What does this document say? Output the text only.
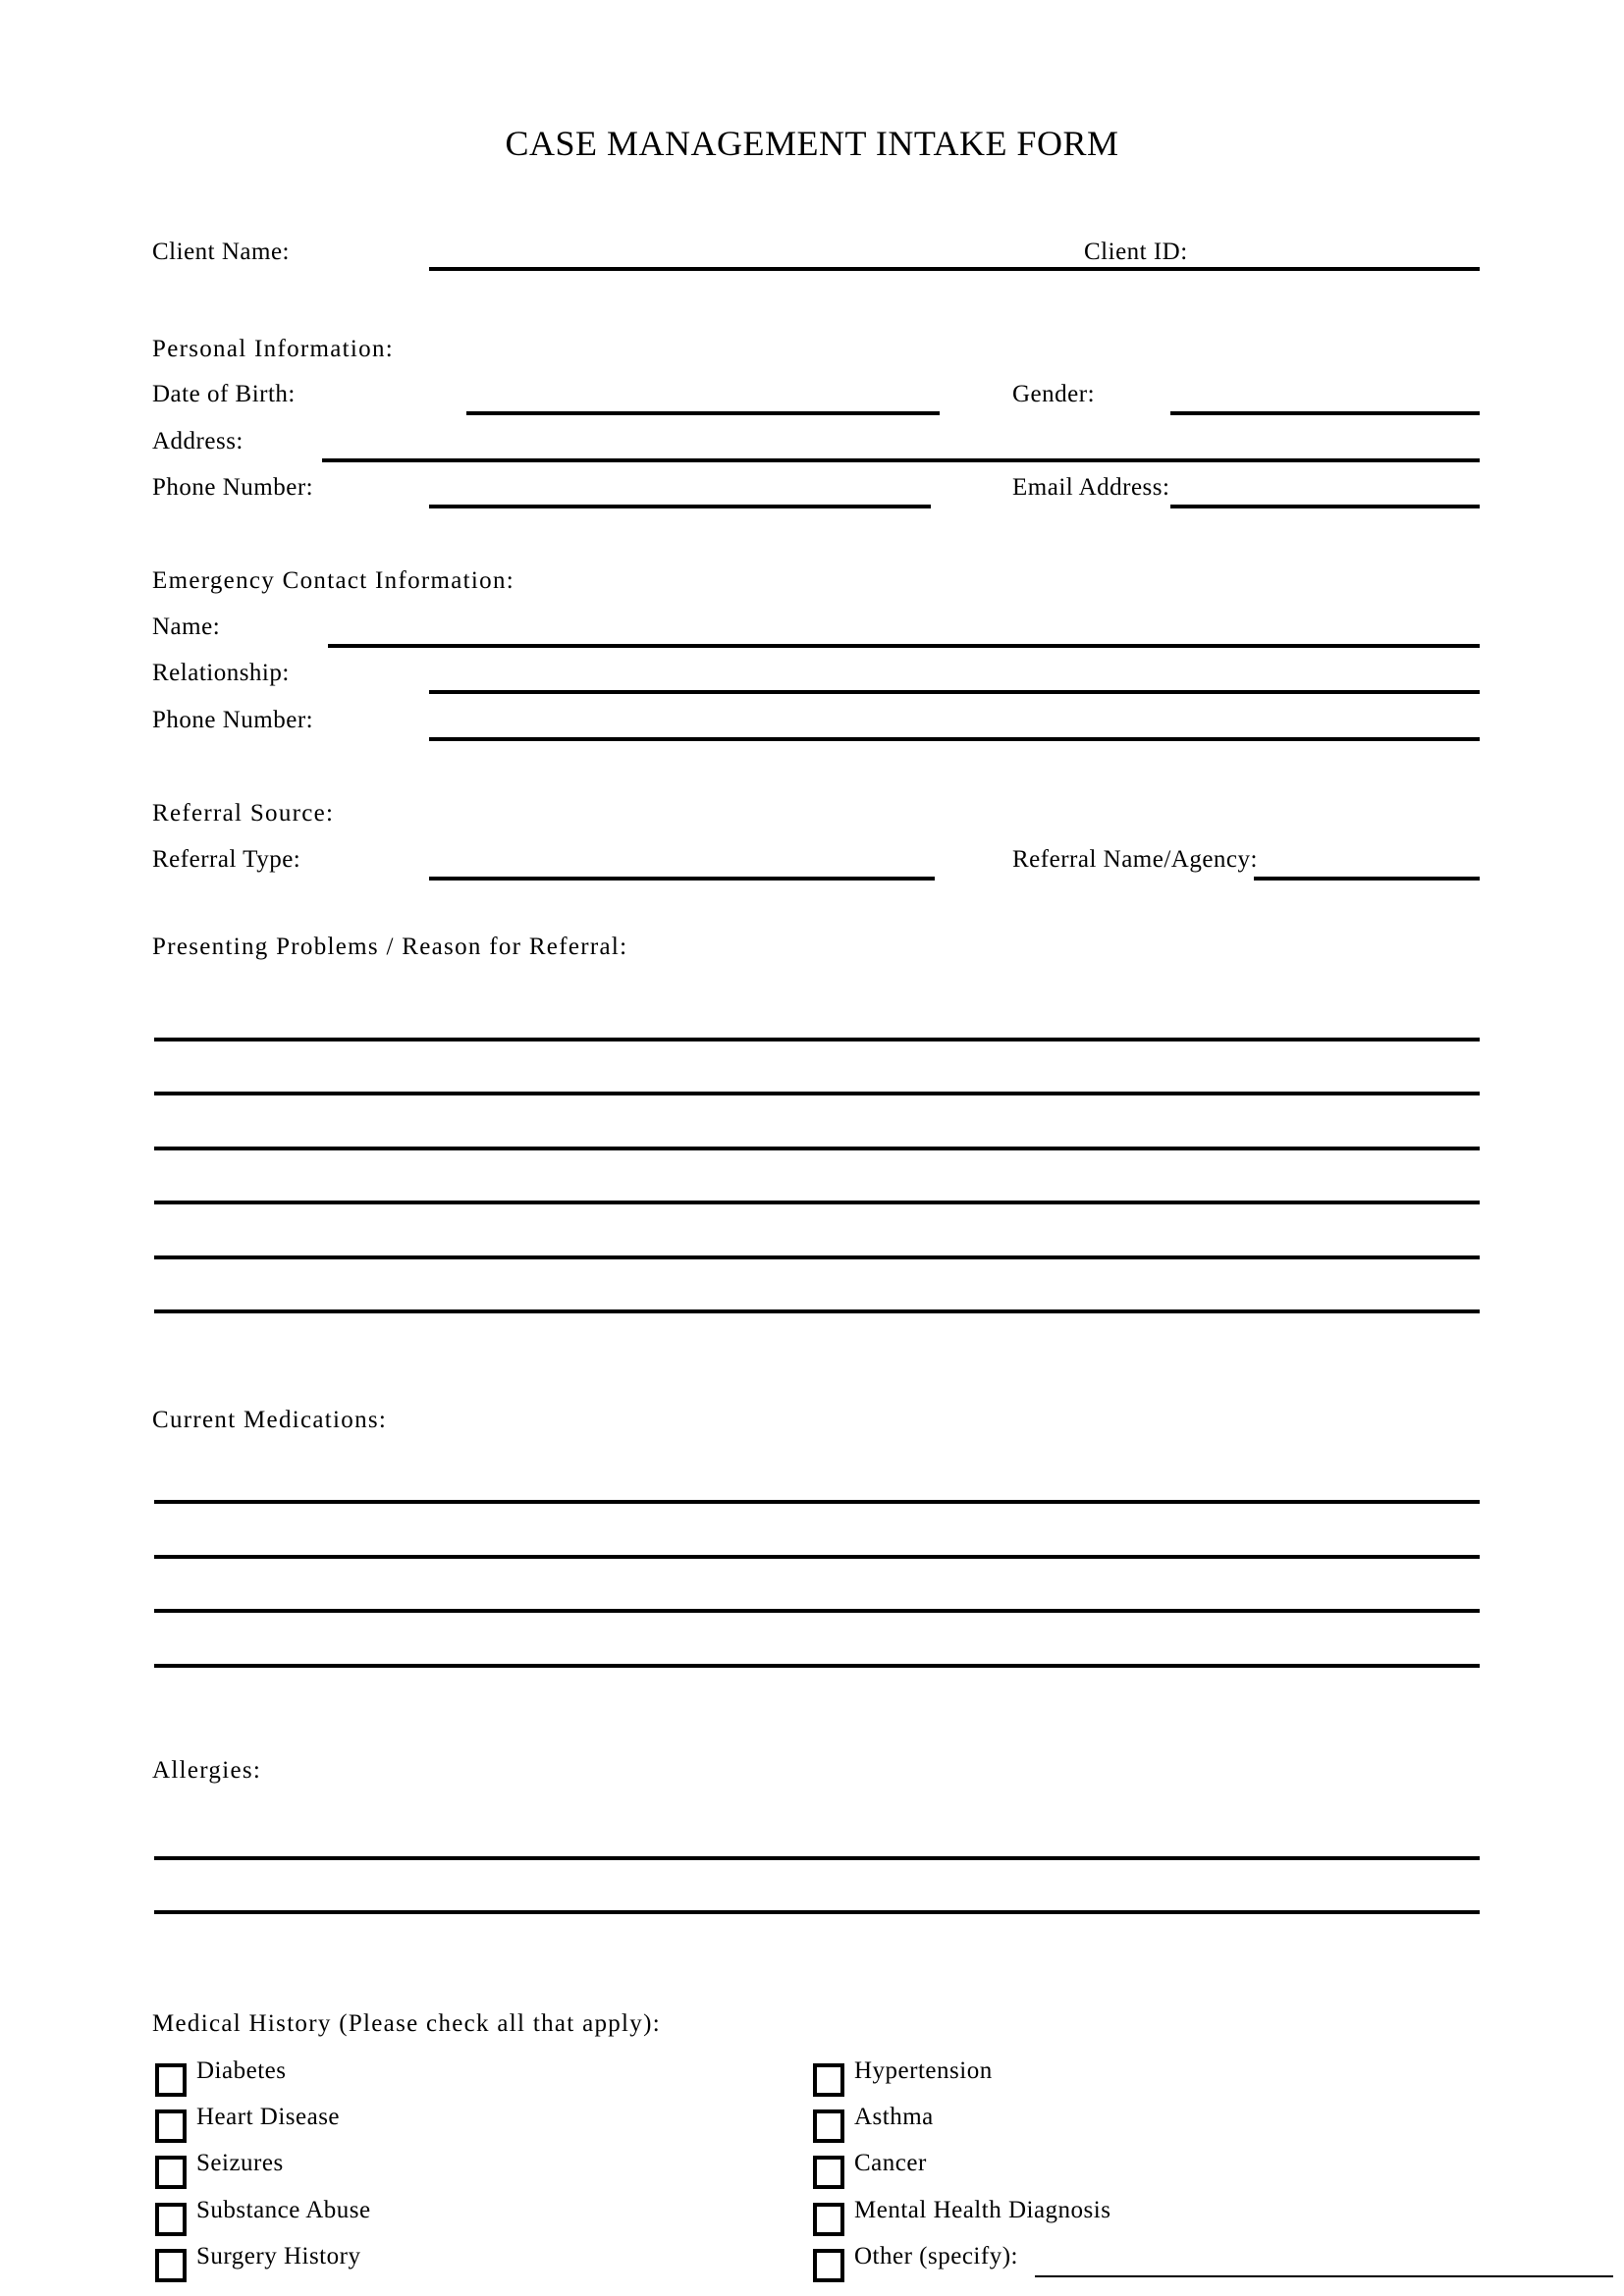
CASE MANAGEMENT INTAKE FORM
Client Name:	Client ID:
Personal Information:
Date of Birth:	Gender:
Address:
Phone Number:	Email Address:
Emergency Contact Information:
Name:
Relationship:
Phone Number:
Referral Source:
Referral Type:	Referral Name/Agency:
Presenting Problems / Reason for Referral:
Current Medications:
Allergies:
Medical History (Please check all that apply):
Diabetes
Heart Disease
Seizures
Substance Abuse
Surgery History
Hypertension
Asthma
Cancer
Mental Health Diagnosis
Other (specify):
